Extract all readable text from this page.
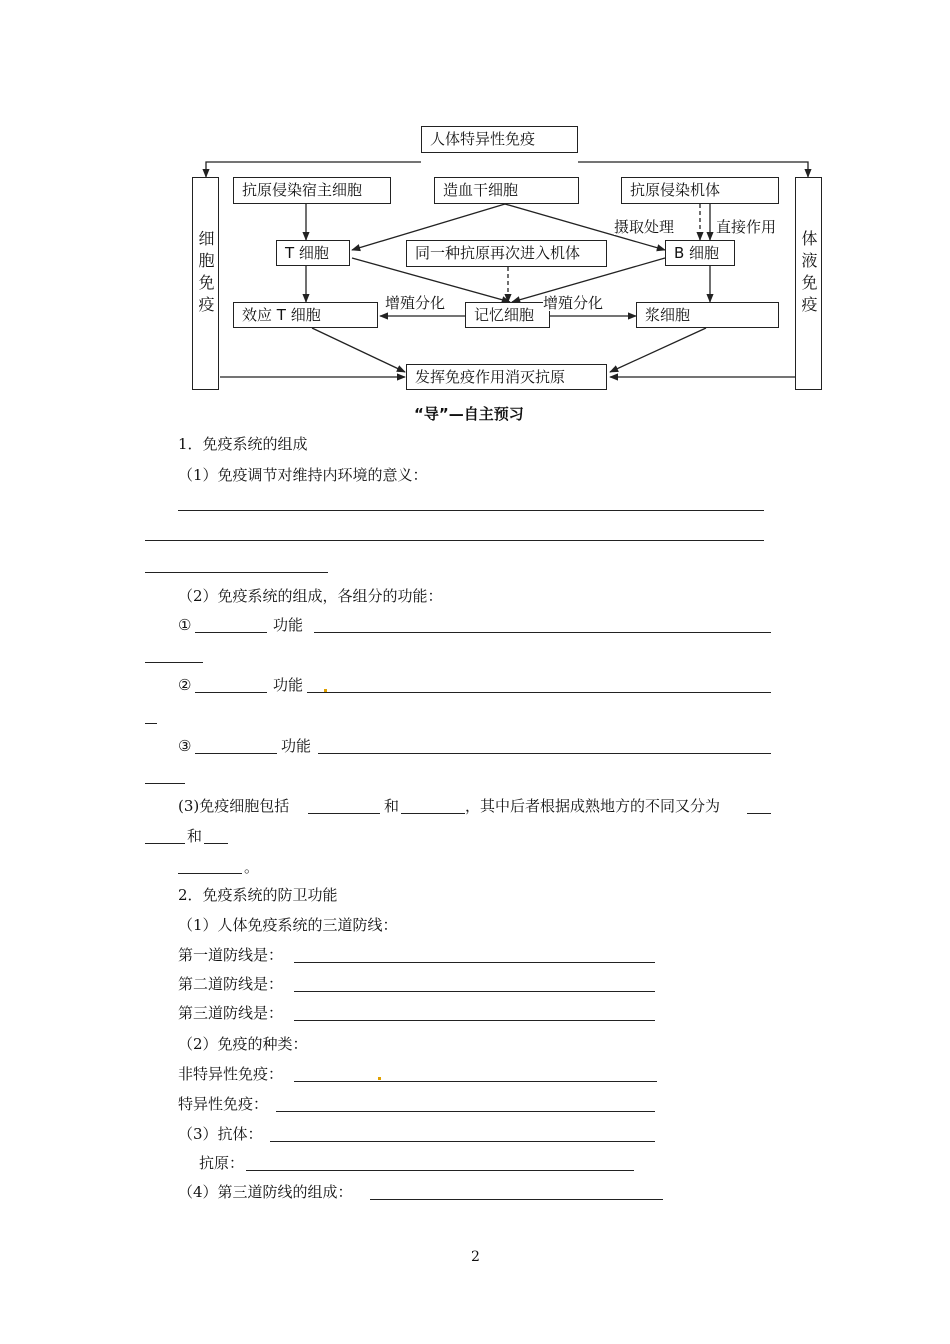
人体特异性免疫
抗原侵染宿主细胞	造血干细胞	抗原侵染机体
T 细胞	同一种抗原再次进入机体	B 细胞
效应 T 细胞	记忆细胞	浆细胞
发挥免疫作用消灭抗原
细胞免疫	体液免疫
摄取处理	直接作用
增殖分化	增殖分化
“导”—自主预习
1．免疫系统的组成
（1）免疫调节对维持内环境的意义：
（2）免疫系统的组成，各组分的功能：
①	功能
②	功能
③	功能
(3)免疫细胞包括	和	，其中后者根据成熟地方的不同又分为
和
。
2．免疫系统的防卫功能
（1）人体免疫系统的三道防线：
第一道防线是：
第二道防线是：
第三道防线是：
（2）免疫的种类：
非特异性免疫：
特异性免疫：
（3）抗体：
抗原：
（4）第三道防线的组成：
2
